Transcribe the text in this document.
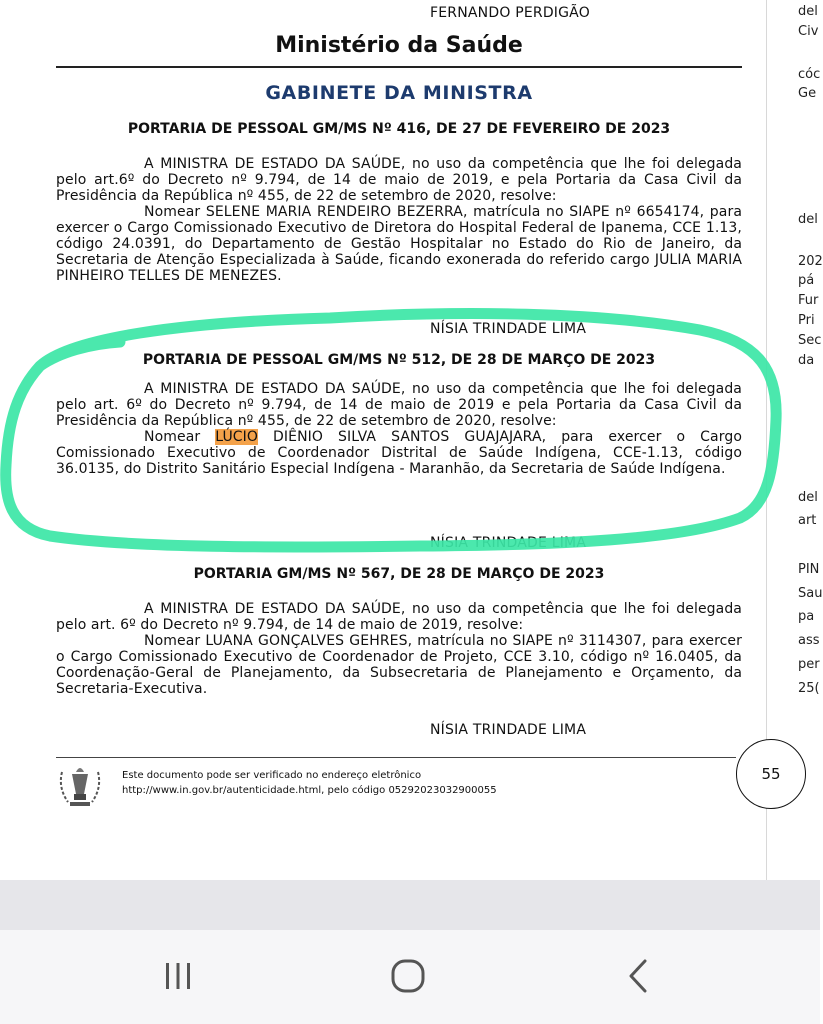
FERNANDO PERDIGÃO
Ministério da Saúde
GABINETE DA MINISTRA
PORTARIA DE PESSOAL GM/MS Nº 416, DE 27 DE FEVEREIRO DE 2023

A MINISTRA DE ESTADO DA SAÚDE, no uso da competência que lhe foi delegada pelo art.6º do Decreto nº 9.794, de 14 de maio de 2019, e pela Portaria da Casa Civil da Presidência da República nº 455, de 22 de setembro de 2020, resolve:

Nomear SELENE MARIA RENDEIRO BEZERRA, matrícula no SIAPE nº 6654174, para exercer o Cargo Comissionado Executivo de Diretora do Hospital Federal de Ipanema, CCE 1.13, código 24.0391, do Departamento de Gestão Hospitalar no Estado do Rio de Janeiro, da Secretaria de Atenção Especializada à Saúde, ficando exonerada do referido cargo JULIA MARIA PINHEIRO TELLES DE MENEZES.

NÍSIA TRINDADE LIMA
PORTARIA DE PESSOAL GM/MS Nº 512, DE 28 DE MARÇO DE 2023

A MINISTRA DE ESTADO DA SAÚDE, no uso da competência que lhe foi delegada pelo art. 6º do Decreto nº 9.794, de 14 de maio de 2019 e pela Portaria da Casa Civil da Presidência da República nº 455, de 22 de setembro de 2020, resolve:

Nomear LÚCIO DIÊNIO SILVA SANTOS GUAJAJARA, para exercer o Cargo Comissionado Executivo de Coordenador Distrital de Saúde Indígena, CCE-1.13, código 36.0135, do Distrito Sanitário Especial Indígena - Maranhão, da Secretaria de Saúde Indígena.

NÍSIA TRINDADE LIMA
PORTARIA GM/MS Nº 567, DE 28 DE MARÇO DE 2023

A MINISTRA DE ESTADO DA SAÚDE, no uso da competência que lhe foi delegada pelo art. 6º do Decreto nº 9.794, de 14 de maio de 2019, resolve:

Nomear LUANA GONÇALVES GEHRES, matrícula no SIAPE nº 3114307, para exercer o Cargo Comissionado Executivo de Coordenador de Projeto, CCE 3.10, código nº 16.0405, da Coordenação-Geral de Planejamento, da Subsecretaria de Planejamento e Orçamento, da Secretaria-Executiva.

NÍSIA TRINDADE LIMA
Este documento pode ser verificado no endereço eletrônico
http://www.in.gov.br/autenticidade.html, pelo código 05292023032900055
55
del
Civ
cóc
Ge
del
202
pá
Fur
Pri
Sec
da
del
art
PIN
Sau
pa
ass
per
25(
